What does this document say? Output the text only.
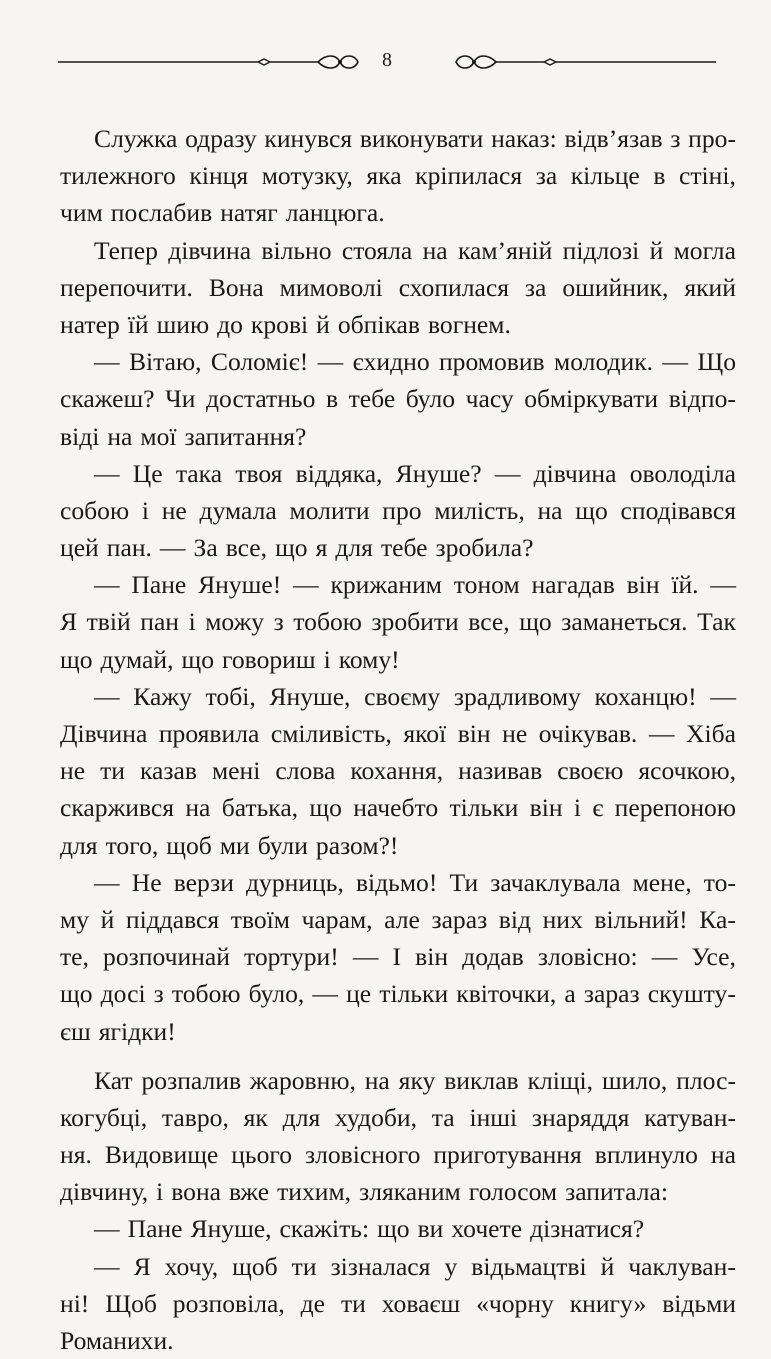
8
Служка одразу кинувся виконувати наказ: відв’язав з про-
тилежного кінця мотузку, яка кріпилася за кільце в стіні,
чим послабив натяг ланцюга.
Тепер дівчина вільно стояла на кам’яній підлозі й могла
перепочити. Вона мимоволі схопилася за ошийник, який
натер їй шию до крові й обпікав вогнем.
— Вітаю, Соломіє! — єхидно промовив молодик. — Що
скажеш? Чи достатньо в тебе було часу обміркувати відпо-
віді на мої запитання?
— Це така твоя віддяка, Януше? — дівчина оволоділа
собою і не думала молити про милість, на що сподівався
цей пан. — За все, що я для тебе зробила?
— Пане Януше! — крижаним тоном нагадав він їй. —
Я твій пан і можу з тобою зробити все, що заманеться. Так
що думай, що говориш і кому!
— Кажу тобі, Януше, своєму зрадливому коханцю! —
Дівчина проявила сміливість, якої він не очікував. — Хіба
не ти казав мені слова кохання, називав своєю ясочкою,
скаржився на батька, що начебто тільки він і є перепоною
для того, щоб ми були разом?!
— Не верзи дурниць, відьмо! Ти зачаклувала мене, то-
му й піддався твоїм чарам, але зараз від них вільний! Ка-
те, розпочинай тортури! — І він додав зловісно: — Усе,
що досі з тобою було, — це тільки квіточки, а зараз скушту-
єш ягідки!
Кат розпалив жаровню, на яку виклав кліщі, шило, плос-
когубці, тавро, як для худоби, та інші знаряддя катуван-
ня. Видовище цього зловісного приготування вплинуло на
дівчину, і вона вже тихим, зляканим голосом запитала:
— Пане Януше, скажіть: що ви хочете дізнатися?
— Я хочу, щоб ти зізналася у відьмацтві й чаклуван-
ні! Щоб розповіла, де ти ховаєш «чорну книгу» відьми
Романихи.
